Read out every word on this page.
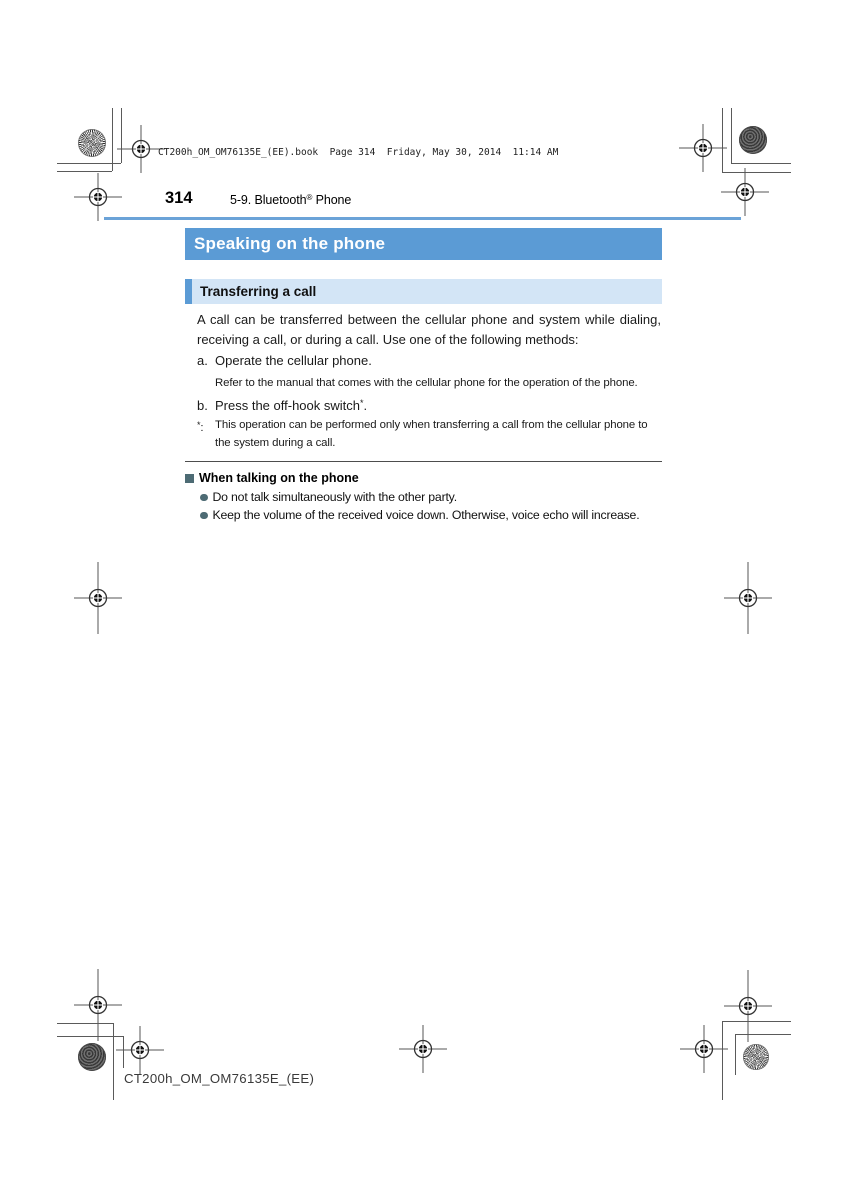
CT200h_OM_OM76135E_(EE).book  Page 314  Friday, May 30, 2014  11:14 AM
CT200h_OM_OM76135E_(EE)
314	5-9. Bluetooth® Phone
Speaking on the phone
Transferring a call

A call can be transferred between the cellular phone and system while dialing, receiving a call, or during a call. Use one of the following methods:

a. Operate the cellular phone.
Refer to the manual that comes with the cellular phone for the operation of the phone.
b. Press the off-hook switch*.
*: This operation can be performed only when transferring a call from the cellular phone to the system during a call.
When talking on the phone
Do not talk simultaneously with the other party.
Keep the volume of the received voice down. Otherwise, voice echo will increase.
